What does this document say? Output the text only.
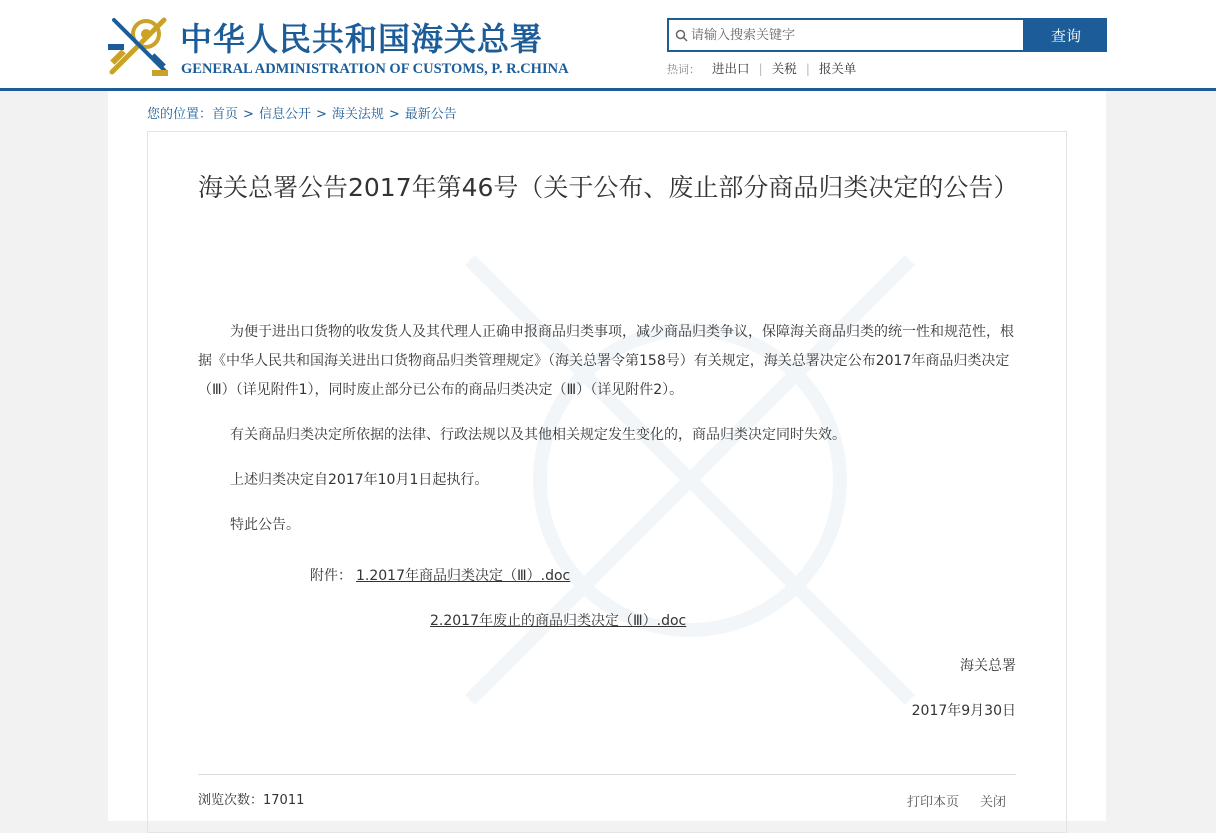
中华人民共和国海关总署
GENERAL ADMINISTRATION OF CUSTOMS, P. R.CHINA
请输入搜索关键字
查询
热词： 进出口 | 关税 | 报关单
您的位置：首页 > 信息公开 > 海关法规 > 最新公告
海关总署公告2017年第46号（关于公布、废止部分商品归类决定的公告）

为便于进出口货物的收发货人及其代理人正确申报商品归类事项，减少商品归类争议，保障海关商品归类的统一性和规范性，根据《中华人民共和国海关进出口货物商品归类管理规定》（海关总署令第158号）有关规定，海关总署决定公布2017年商品归类决定（Ⅲ）（详见附件1），同时废止部分已公布的商品归类决定（Ⅲ）（详见附件2）。

有关商品归类决定所依据的法律、行政法规以及其他相关规定发生变化的，商品归类决定同时失效。

上述归类决定自2017年10月1日起执行。

特此公告。

附件： 1.2017年商品归类决定（Ⅲ）.doc
2.2017年废止的商品归类决定（Ⅲ）.doc
海关总署
2017年9月30日
浏览次数：17011	打印本页 关闭
